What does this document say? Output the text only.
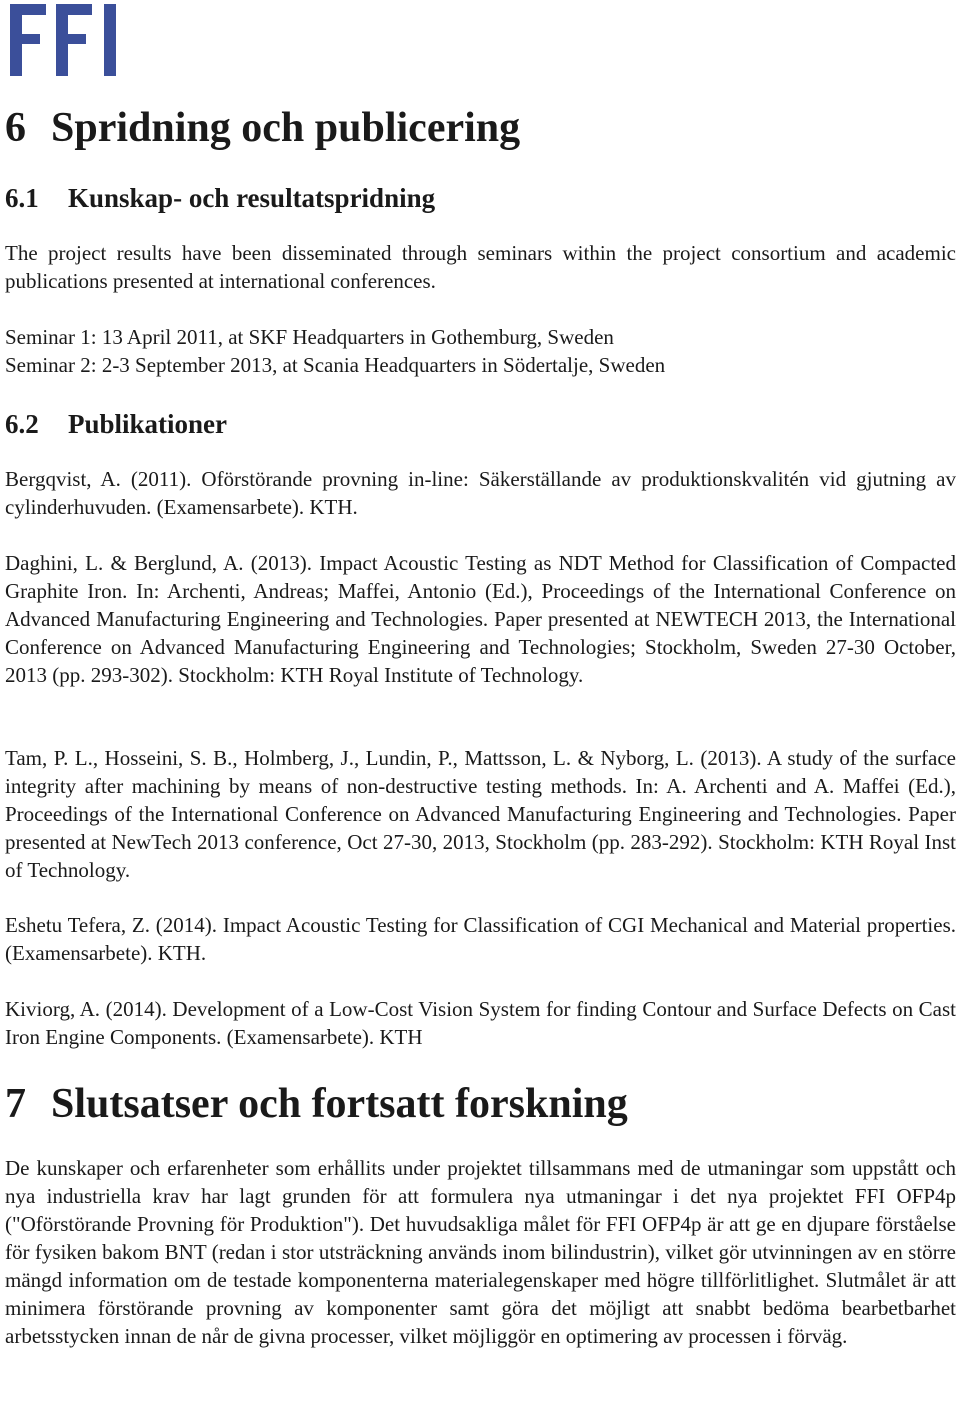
6 Spridning och publicering
6.1 Kunskap- och resultatspridning

The project results have been disseminated through seminars within the project consortium and academic publications presented at international conferences.

Seminar 1: 13 April 2011, at SKF Headquarters in Gothemburg, Sweden

Seminar 2: 2-3 September 2013, at Scania Headquarters in Södertalje, Sweden

6.2 Publikationer

Bergqvist, A. (2011). Oförstörande provning in-line: Säkerställande av produktionskvalitén vid gjutning av cylinderhuvuden. (Examensarbete). KTH.

Daghini, L. & Berglund, A. (2013). Impact Acoustic Testing as NDT Method for Classification of Compacted Graphite Iron. In: Archenti, Andreas; Maffei, Antonio (Ed.), Proceedings of the International Conference on Advanced Manufacturing Engineering and Technologies. Paper presented at NEWTECH 2013, the International Conference on Advanced Manufacturing Engineering and Technologies; Stockholm, Sweden 27-30 October, 2013 (pp. 293-302). Stockholm: KTH Royal Institute of Technology.

Tam, P. L., Hosseini, S. B., Holmberg, J., Lundin, P., Mattsson, L. & Nyborg, L. (2013). A study of the surface integrity after machining by means of non-destructive testing methods. In: A. Archenti and A. Maffei (Ed.), Proceedings of the International Conference on Advanced Manufacturing Engineering and Technologies. Paper presented at NewTech 2013 conference, Oct 27-30, 2013, Stockholm (pp. 283-292). Stockholm: KTH Royal Inst of Technology.

Eshetu Tefera, Z. (2014). Impact Acoustic Testing for Classification of CGI Mechanical and Material properties. (Examensarbete). KTH.

Kiviorg, A. (2014). Development of a Low-Cost Vision System for finding Contour and Surface Defects on Cast Iron Engine Components. (Examensarbete). KTH

7 Slutsatser och fortsatt forskning

De kunskaper och erfarenheter som erhållits under projektet tillsammans med de utmaningar som uppstått och nya industriella krav har lagt grunden för att formulera nya utmaningar i det nya projektet FFI OFP4p ("Oförstörande Provning för Produktion"). Det huvudsakliga målet för FFI OFP4p är att ge en djupare förståelse för fysiken bakom BNT (redan i stor utsträckning används inom bilindustrin), vilket gör utvinningen av en större mängd information om de testade komponenterna materialegenskaper med högre tillförlitlighet. Slutmålet är att minimera förstörande provning av komponenter samt göra det möjligt att snabbt bedöma bearbetbarhet arbetsstycken innan de når de givna processer, vilket möjliggör en optimering av processen i förväg.
